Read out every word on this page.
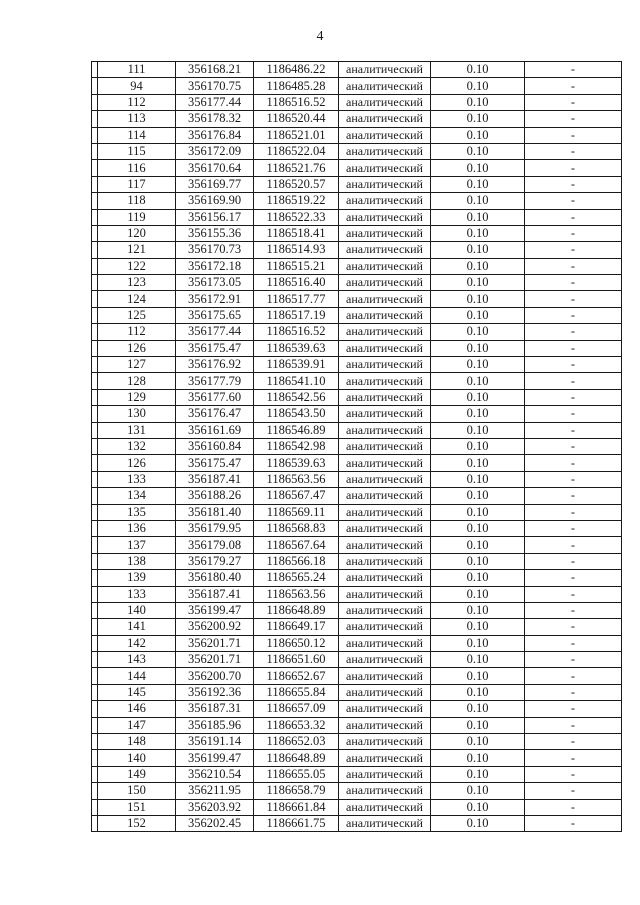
4
	111	356168.21	1186486.22	аналитический	0.10	-
	94	356170.75	1186485.28	аналитический	0.10	-
	112	356177.44	1186516.52	аналитический	0.10	-
	113	356178.32	1186520.44	аналитический	0.10	-
	114	356176.84	1186521.01	аналитический	0.10	-
	115	356172.09	1186522.04	аналитический	0.10	-
	116	356170.64	1186521.76	аналитический	0.10	-
	117	356169.77	1186520.57	аналитический	0.10	-
	118	356169.90	1186519.22	аналитический	0.10	-
	119	356156.17	1186522.33	аналитический	0.10	-
	120	356155.36	1186518.41	аналитический	0.10	-
	121	356170.73	1186514.93	аналитический	0.10	-
	122	356172.18	1186515.21	аналитический	0.10	-
	123	356173.05	1186516.40	аналитический	0.10	-
	124	356172.91	1186517.77	аналитический	0.10	-
	125	356175.65	1186517.19	аналитический	0.10	-
	112	356177.44	1186516.52	аналитический	0.10	-
	126	356175.47	1186539.63	аналитический	0.10	-
	127	356176.92	1186539.91	аналитический	0.10	-
	128	356177.79	1186541.10	аналитический	0.10	-
	129	356177.60	1186542.56	аналитический	0.10	-
	130	356176.47	1186543.50	аналитический	0.10	-
	131	356161.69	1186546.89	аналитический	0.10	-
	132	356160.84	1186542.98	аналитический	0.10	-
	126	356175.47	1186539.63	аналитический	0.10	-
	133	356187.41	1186563.56	аналитический	0.10	-
	134	356188.26	1186567.47	аналитический	0.10	-
	135	356181.40	1186569.11	аналитический	0.10	-
	136	356179.95	1186568.83	аналитический	0.10	-
	137	356179.08	1186567.64	аналитический	0.10	-
	138	356179.27	1186566.18	аналитический	0.10	-
	139	356180.40	1186565.24	аналитический	0.10	-
	133	356187.41	1186563.56	аналитический	0.10	-
	140	356199.47	1186648.89	аналитический	0.10	-
	141	356200.92	1186649.17	аналитический	0.10	-
	142	356201.71	1186650.12	аналитический	0.10	-
	143	356201.71	1186651.60	аналитический	0.10	-
	144	356200.70	1186652.67	аналитический	0.10	-
	145	356192.36	1186655.84	аналитический	0.10	-
	146	356187.31	1186657.09	аналитический	0.10	-
	147	356185.96	1186653.32	аналитический	0.10	-
	148	356191.14	1186652.03	аналитический	0.10	-
	140	356199.47	1186648.89	аналитический	0.10	-
	149	356210.54	1186655.05	аналитический	0.10	-
	150	356211.95	1186658.79	аналитический	0.10	-
	151	356203.92	1186661.84	аналитический	0.10	-
	152	356202.45	1186661.75	аналитический	0.10	-
